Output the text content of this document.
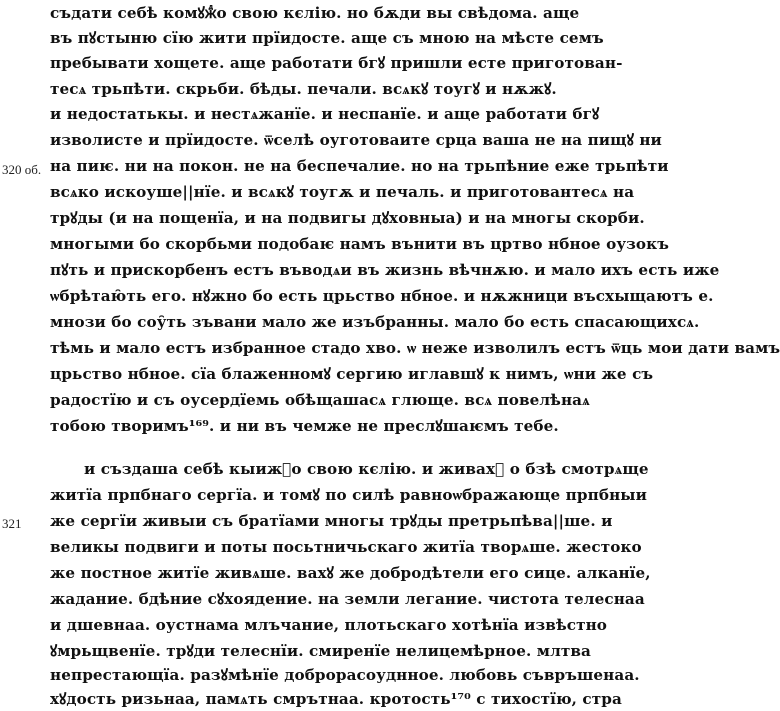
320 об.
321
съдати себѣ комꙋжⷣо свою кєлію. но бѫди вы свѣдома. аще
въ пꙋстыню сїю жити прїидосте. аще съ мною на мѣсте семъ
пребывати хощете. аще работати бгꙋ пришли есте приготован-
тесѧ трьпѣти. скрьби. бѣды. печали. всѧкꙋ тоугꙋ и нѫжꙋ.
и недостатькы. и нестѧжанїе. и неспанїе. и аще работати бгꙋ
изволисте и прїидосте. ѿселѣ оуготоваите срца ваша не на пищꙋ ни
на пиѥ. ни на покон. не на беспечалие. но на трьпѣние еже трьпѣти
всѧко искоуше||нїе. и всѧкꙋ тоугѫ и печаль. и приготовантесѧ на
трꙋды (и на пощенїа, и на подвигы дꙋховныа) и на многы скорби.
многыми бо скорбьми подобаѥ намъ вънити въ цртво нбное оузокъ
пꙋть и прискорбенъ естъ въводѧи въ жизнь вѣчнѫю. и мало ихъ есть иже
ѡбрѣтаю̑ть его. нꙋжно бо есть црьство нбное. и нѫжници въсхыщаютъ е.
мнози бо соу̑ть зъвани мало же изъбранны. мало бо есть спасающихсѧ.
тѣмь и мало естъ избранное стадо хво. ѡ неже изволилъ естъ ѿць мои дати вамъ
црьство нбное. сїа блаженномꙋ сергию иглавшꙋ к нимъ, ѡни же съ
радостїю и съ оусердїемь обѣщашасѧ глюще. всѧ повелѣнаѧ
тобою творимъ¹⁶⁹. и ни въ чемже не преслꙋшаѥмъ тебе.
и създаша себѣ кыижⷣо свою кєлію. и живахꙋ о бзѣ смотрѧще
житїа прпбнаго сергїа. и томꙋ по силѣ равноѡбражающе прпбныи
же сергїи живыи съ братїами многы трꙋды претрьпѣва||ше. и
великы подвиги и поты посьтничьскаго житїа творѧше. жестоко
же постное житїе живѧше. вахꙋ же добродѣтели его сице. алканїе,
жадание. бдѣние сꙋхоядение. на земли легание. чистота телеснаа
и дшевнаа. оустнама млъчание, плотьскаго хотѣнїа извѣстно
ꙋмрьщвенїе. трꙋди телеснїи. смиренїе нелицемѣрное. млтва
непрестающїа. разꙋмѣнїе доброрасоуднное. любовь съвръшенаа.
хꙋдость ризьнаа, памѧть смрътнаа. кротость¹⁷⁰ с тихостїю, стра
